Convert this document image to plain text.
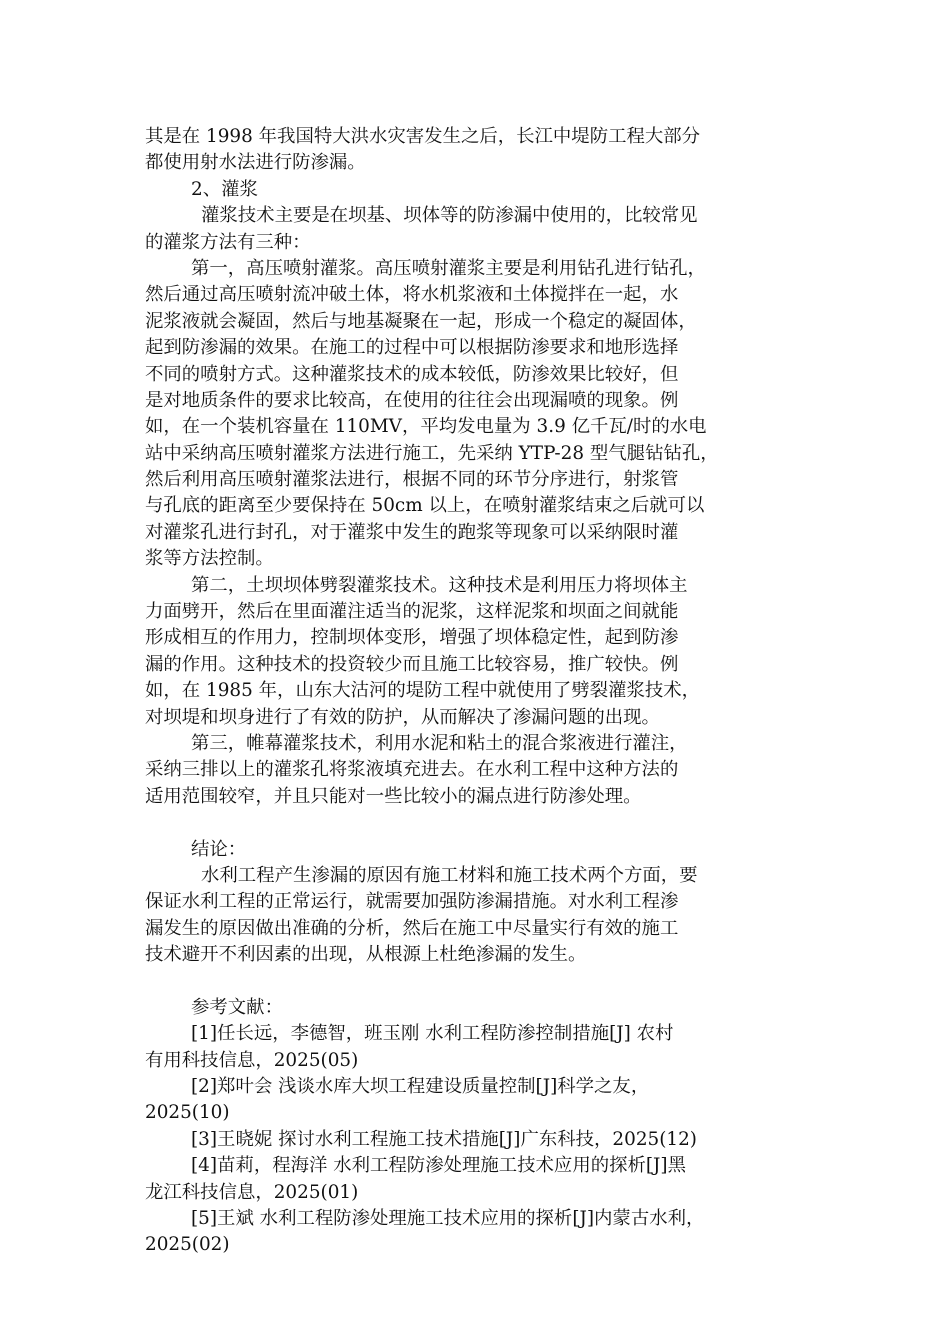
其是在 1998 年我国特大洪水灾害发生之后，长江中堤防工程大部分
都使用射水法进行防渗漏。
2、灌浆
灌浆技术主要是在坝基、坝体等的防渗漏中使用的，比较常见
的灌浆方法有三种：
第一，高压喷射灌浆。高压喷射灌浆主要是利用钻孔进行钻孔，
然后通过高压喷射流冲破土体，将水机浆液和土体搅拌在一起，水
泥浆液就会凝固，然后与地基凝聚在一起，形成一个稳定的凝固体，
起到防渗漏的效果。在施工的过程中可以根据防渗要求和地形选择
不同的喷射方式。这种灌浆技术的成本较低，防渗效果比较好，但
是对地质条件的要求比较高，在使用的往往会出现漏喷的现象。例
如，在一个装机容量在 110MV，平均发电量为 3.9 亿千瓦/时的水电
站中采纳高压喷射灌浆方法进行施工，先采纳 YTP-28 型气腿钻钻孔，
然后利用高压喷射灌浆法进行，根据不同的环节分序进行，射浆管
与孔底的距离至少要保持在 50cm 以上，在喷射灌浆结束之后就可以
对灌浆孔进行封孔，对于灌浆中发生的跑浆等现象可以采纳限时灌
浆等方法控制。
第二，土坝坝体劈裂灌浆技术。这种技术是利用压力将坝体主
力面劈开，然后在里面灌注适当的泥浆，这样泥浆和坝面之间就能
形成相互的作用力，控制坝体变形，增强了坝体稳定性，起到防渗
漏的作用。这种技术的投资较少而且施工比较容易，推广较快。例
如，在 1985 年，山东大沽河的堤防工程中就使用了劈裂灌浆技术，
对坝堤和坝身进行了有效的防护，从而解决了渗漏问题的出现。
第三，帷幕灌浆技术，利用水泥和粘土的混合浆液进行灌注，
采纳三排以上的灌浆孔将浆液填充进去。在水利工程中这种方法的
适用范围较窄，并且只能对一些比较小的漏点进行防渗处理。
结论：
水利工程产生渗漏的原因有施工材料和施工技术两个方面，要
保证水利工程的正常运行，就需要加强防渗漏措施。对水利工程渗
漏发生的原因做出准确的分析，然后在施工中尽量实行有效的施工
技术避开不利因素的出现，从根源上杜绝渗漏的发生。
参考文献：
[1]任长远，李德智，班玉刚 水利工程防渗控制措施[J] 农村
有用科技信息，2025(05)
[2]郑叶会 浅谈水库大坝工程建设质量控制[J]科学之友，
2025(10)
[3]王晓妮 探讨水利工程施工技术措施[J]广东科技，2025(12)
[4]苗莉，程海洋 水利工程防渗处理施工技术应用的探析[J]黑
龙江科技信息，2025(01)
[5]王斌 水利工程防渗处理施工技术应用的探析[J]内蒙古水利，
2025(02)
